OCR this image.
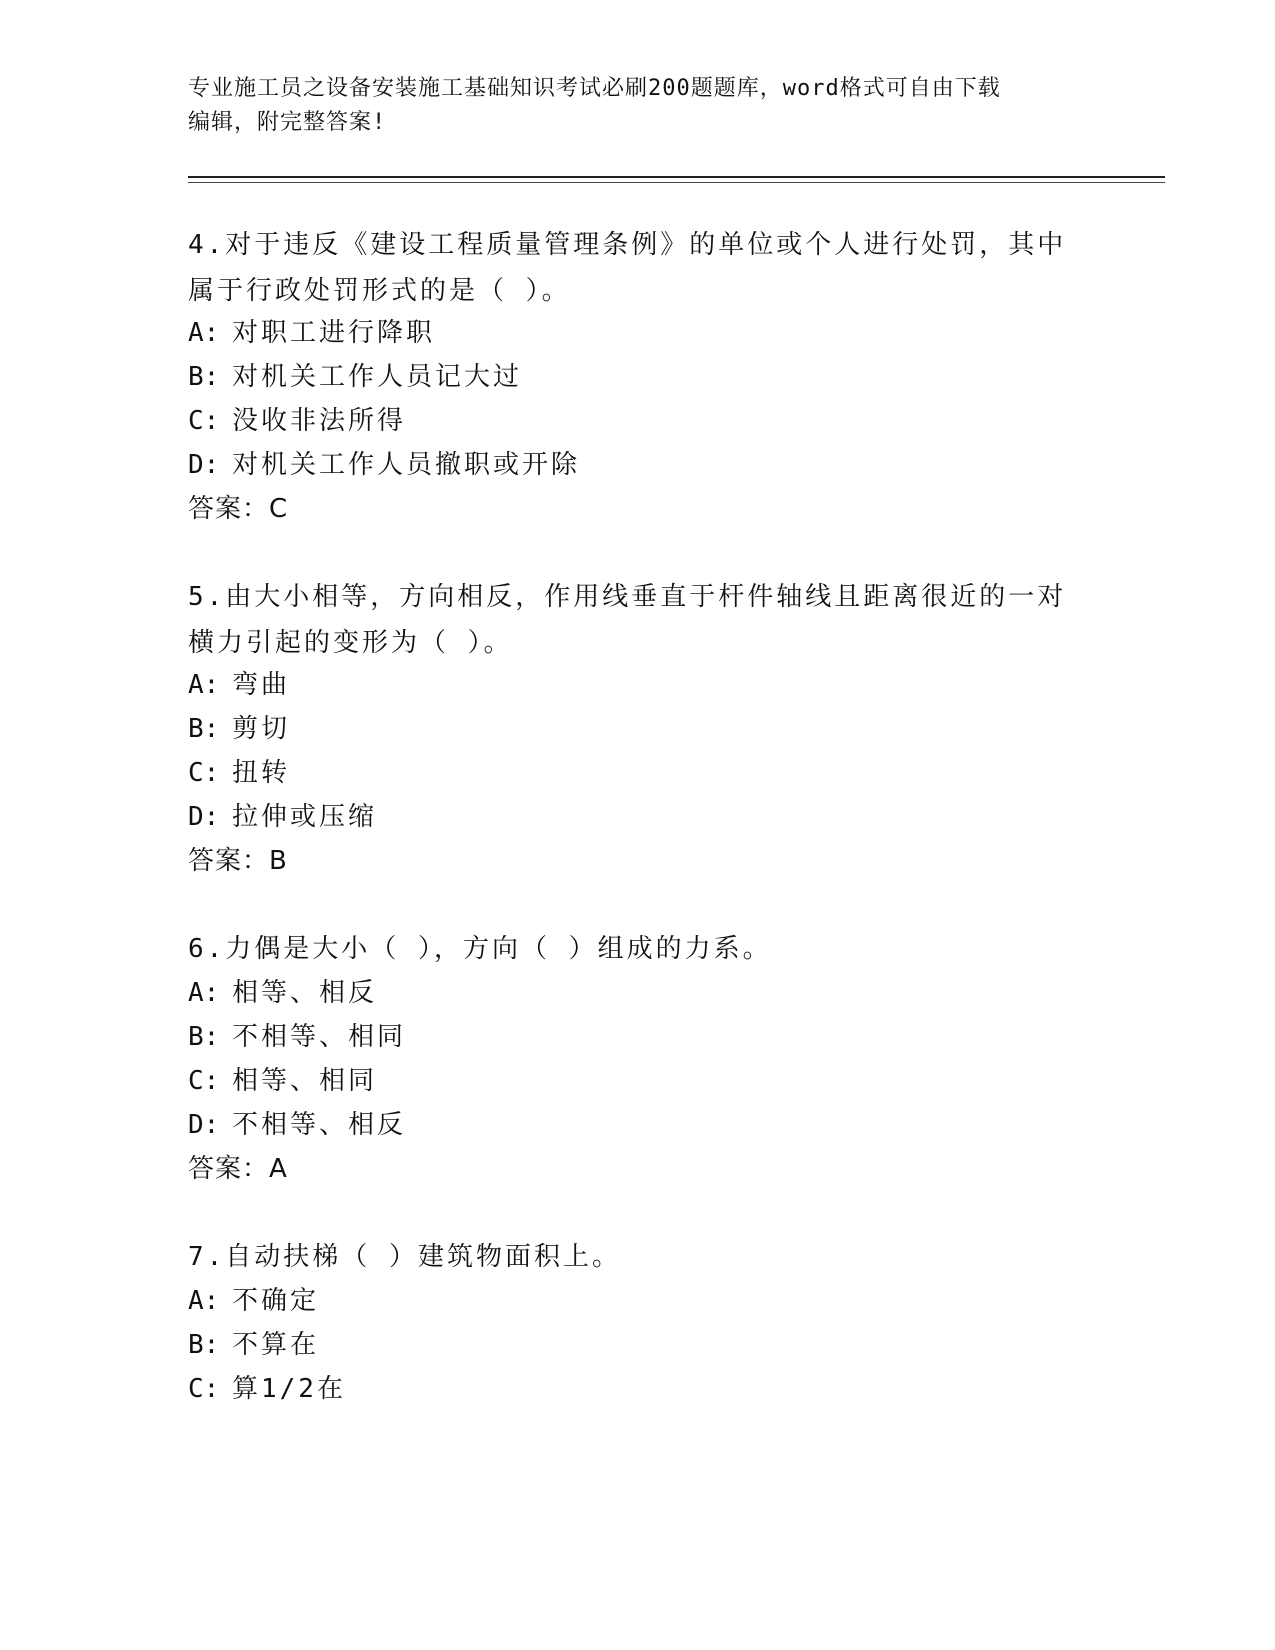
专业施工员之设备安装施工基础知识考试必刷200题题库，word格式可自由下载
编辑，附完整答案!
4.对于违反《建设工程质量管理条例》的单位或个人进行处罚，其中
属于行政处罚形式的是（ ）。
A: 对职工进行降职
B: 对机关工作人员记大过
C: 没收非法所得
D: 对机关工作人员撤职或开除
答案：C
5.由大小相等，方向相反，作用线垂直于杆件轴线且距离很近的一对
横力引起的变形为（ ）。
A: 弯曲
B: 剪切
C: 扭转
D: 拉伸或压缩
答案：B
6.力偶是大小（ ），方向（ ）组成的力系。
A: 相等、相反
B: 不相等、相同
C: 相等、相同
D: 不相等、相反
答案：A
7.自动扶梯（ ）建筑物面积上。
A: 不确定
B: 不算在
C: 算1/2在
